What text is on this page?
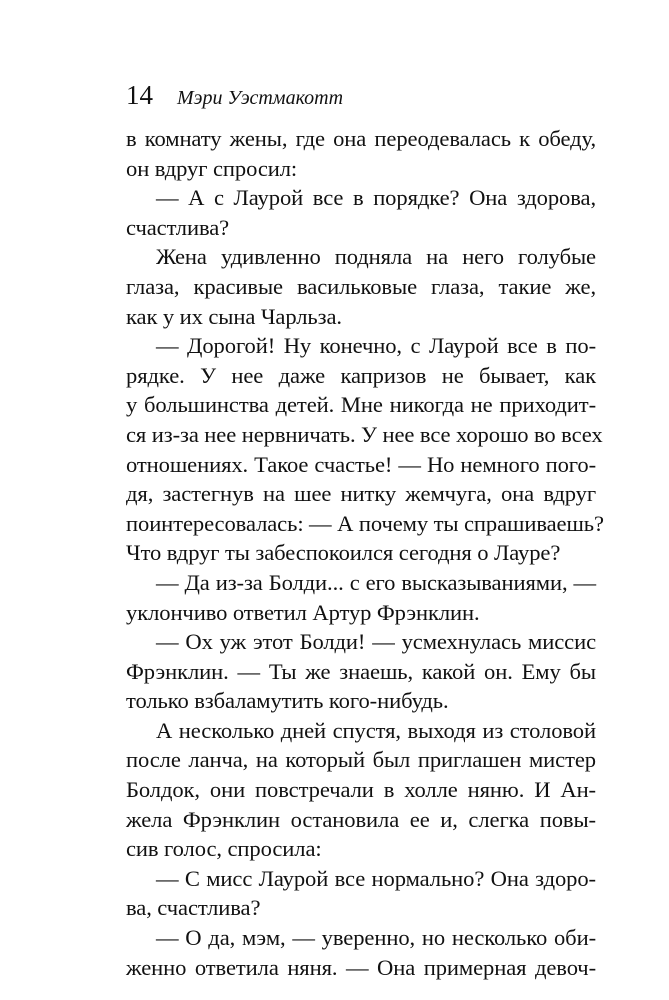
14 Мэри Уэстмакотт
в комнату жены, где она переодевалась к обеду,
он вдруг спросил:
— А с Лаурой все в порядке? Она здорова,
счастлива?
Жена удивленно подняла на него голубые
глаза, красивые васильковые глаза, такие же,
как у их сына Чарльза.
— Дорогой! Ну конечно, с Лаурой все в по-
рядке. У нее даже капризов не бывает, как
у большинства детей. Мне никогда не приходит-
ся из-за нее нервничать. У нее все хорошо во всех
отношениях. Такое счастье! — Но немного пого-
дя, застегнув на шее нитку жемчуга, она вдруг
поинтересовалась: — А почему ты спрашиваешь?
Что вдруг ты забеспокоился сегодня о Лауре?
— Да из-за Болди... с его высказываниями, —
уклончиво ответил Артур Фрэнклин.
— Ох уж этот Болди! — усмехнулась миссис
Фрэнклин. — Ты же знаешь, какой он. Ему бы
только взбаламутить кого-нибудь.
А несколько дней спустя, выходя из столовой
после ланча, на который был приглашен мистер
Болдок, они повстречали в холле няню. И Ан-
жела Фрэнклин остановила ее и, слегка повы-
сив голос, спросила:
— С мисс Лаурой все нормально? Она здоро-
ва, счастлива?
— О да, мэм, — уверенно, но несколько оби-
женно ответила няня. — Она примерная девоч-
